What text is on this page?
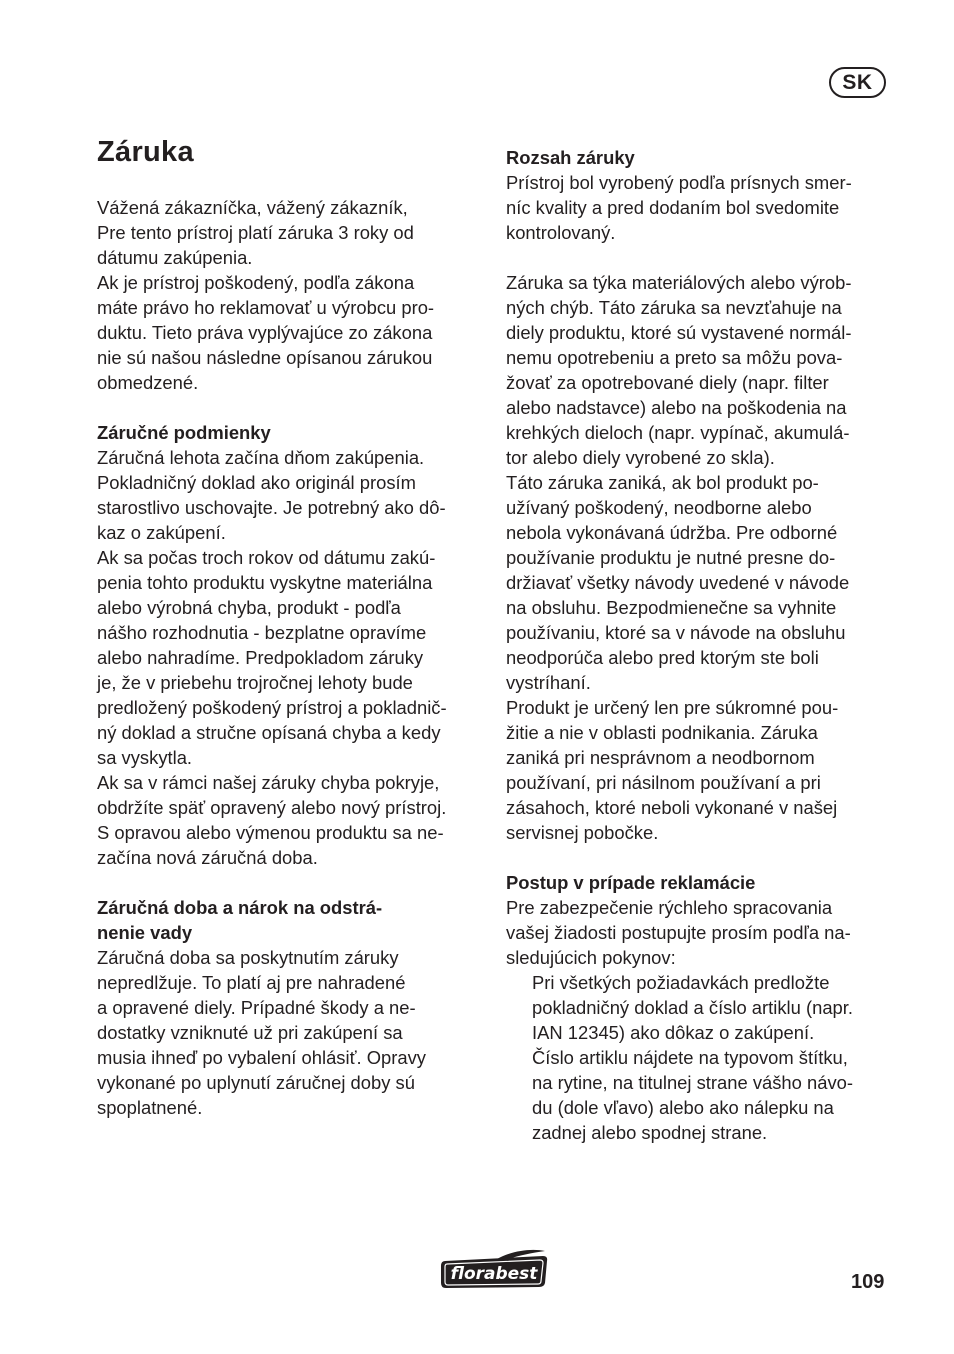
SK
Záruka

Vážená zákazníčka, vážený zákazník,

Pre tento prístroj platí záruka 3 roky od

dátumu zakúpenia.

Ak je prístroj poškodený, podľa zákona

máte právo ho reklamovať u výrobcu pro-

duktu. Tieto práva vyplývajúce zo zákona

nie sú našou následne opísanou zárukou

obmedzené.

Záručné podmienky

Záručná lehota začína dňom zakúpenia.

Pokladničný doklad ako originál prosím

starostlivo uschovajte. Je potrebný ako dô-

kaz o zakúpení.

Ak sa počas troch rokov od dátumu zakú-

penia tohto produktu vyskytne materiálna

alebo výrobná chyba, produkt - podľa

nášho rozhodnutia - bezplatne opravíme

alebo nahradíme. Predpokladom záruky

je, že v priebehu trojročnej lehoty bude

predložený poškodený prístroj a pokladnič-

ný doklad a stručne opísaná chyba a kedy

sa vyskytla.

Ak sa v rámci našej záruky chyba pokryje,

obdržíte späť opravený alebo nový prístroj.

S opravou alebo výmenou produktu sa ne-

začína nová záručná doba.

Záručná doba a nárok na odstrá-
nenie vady

Záručná doba sa poskytnutím záruky

nepredlžuje. To platí aj pre nahradené

a opravené diely. Prípadné škody a ne-

dostatky vzniknuté už pri zakúpení sa

musia ihneď po vybalení ohlásiť. Opravy

vykonané po uplynutí záručnej doby sú

spoplatnené.

Rozsah záruky

Prístroj bol vyrobený podľa prísnych smer-

níc kvality a pred dodaním bol svedomite

kontrolovaný.

Záruka sa týka materiálových alebo výrob-

ných chýb. Táto záruka sa nevzťahuje na

diely produktu, ktoré sú vystavené normál-

nemu opotrebeniu a preto sa môžu pova-

žovať za opotrebované diely (napr. filter

alebo nadstavce) alebo na poškodenia na

krehkých dieloch (napr. vypínač, akumulá-

tor alebo diely vyrobené zo skla).

Táto záruka zaniká, ak bol produkt po-

užívaný poškodený, neodborne alebo

nebola vykonávaná údržba. Pre odborné

používanie produktu je nutné presne do-

držiavať všetky návody uvedené v návode

na obsluhu. Bezpodmienečne sa vyhnite

používaniu, ktoré sa v návode na obsluhu

neodporúča alebo pred ktorým ste boli

vystríhaní.

Produkt je určený len pre súkromné pou-

žitie a nie v oblasti podnikania. Záruka

zaniká pri nesprávnom a neodbornom

používaní, pri násilnom používaní a pri

zásahoch, ktoré neboli vykonané v našej

servisnej pobočke.

Postup v prípade reklamácie

Pre zabezpečenie rýchleho spracovania

vašej žiadosti postupujte prosím podľa na-

sledujúcich pokynov:

Pri všetkých požiadavkách predložte

pokladničný doklad a číslo artiklu (napr.

IAN 12345) ako dôkaz o zakúpení.

Číslo artiklu nájdete na typovom štítku,

na rytine, na titulnej strane vášho návo-

du (dole vľavo) alebo ako nálepku na

zadnej alebo spodnej strane.

florabest	109
